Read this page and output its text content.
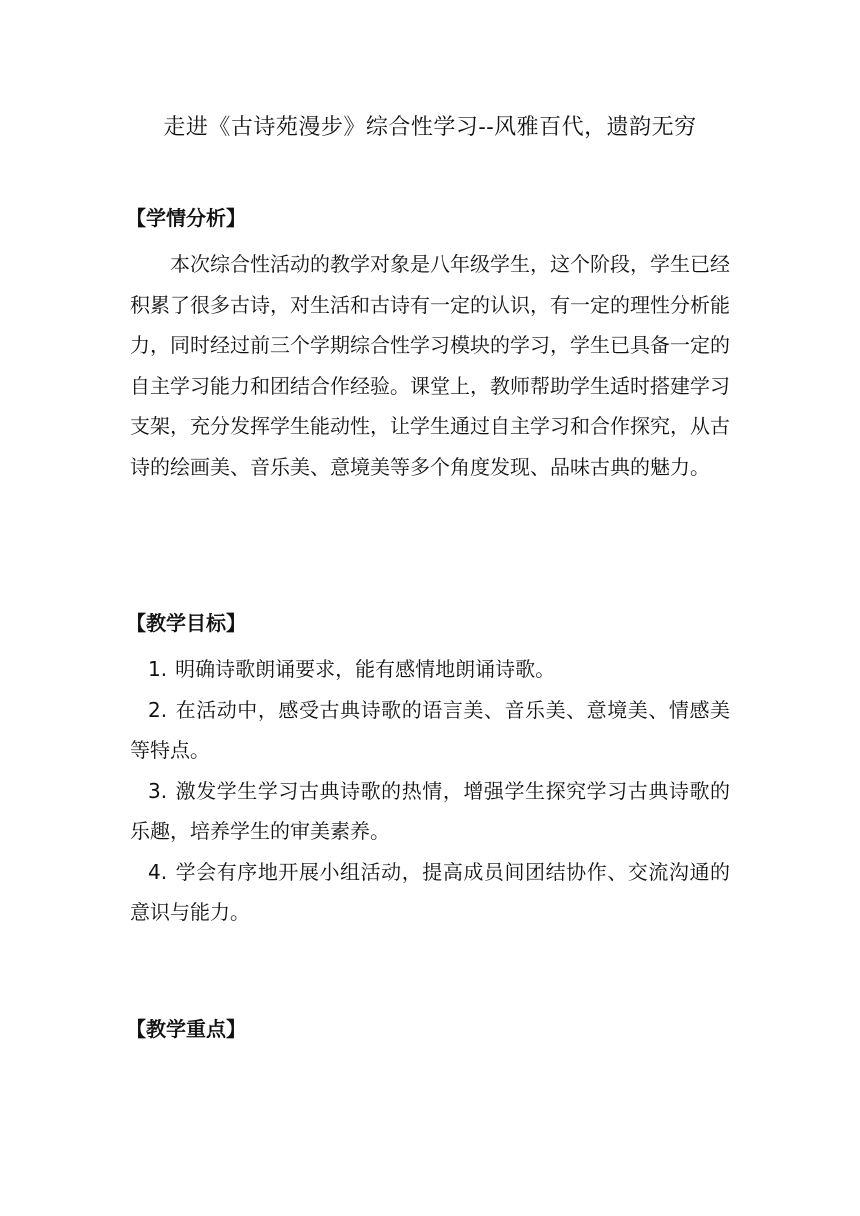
走进《古诗苑漫步》综合性学习--风雅百代，遗韵无穷
【学情分析】

本次综合性活动的教学对象是八年级学生，这个阶段，学生已经积累了很多古诗，对生活和古诗有一定的认识，有一定的理性分析能力，同时经过前三个学期综合性学习模块的学习，学生已具备一定的自主学习能力和团结合作经验。课堂上，教师帮助学生适时搭建学习支架，充分发挥学生能动性，让学生通过自主学习和合作探究，从古诗的绘画美、音乐美、意境美等多个角度发现、品味古典的魅力。

【教学目标】
1. 明确诗歌朗诵要求，能有感情地朗诵诗歌。
2. 在活动中，感受古典诗歌的语言美、音乐美、意境美、情感美等特点。
3. 激发学生学习古典诗歌的热情，增强学生探究学习古典诗歌的乐趣，培养学生的审美素养。
4. 学会有序地开展小组活动，提高成员间团结协作、交流沟通的意识与能力。
【教学重点】
